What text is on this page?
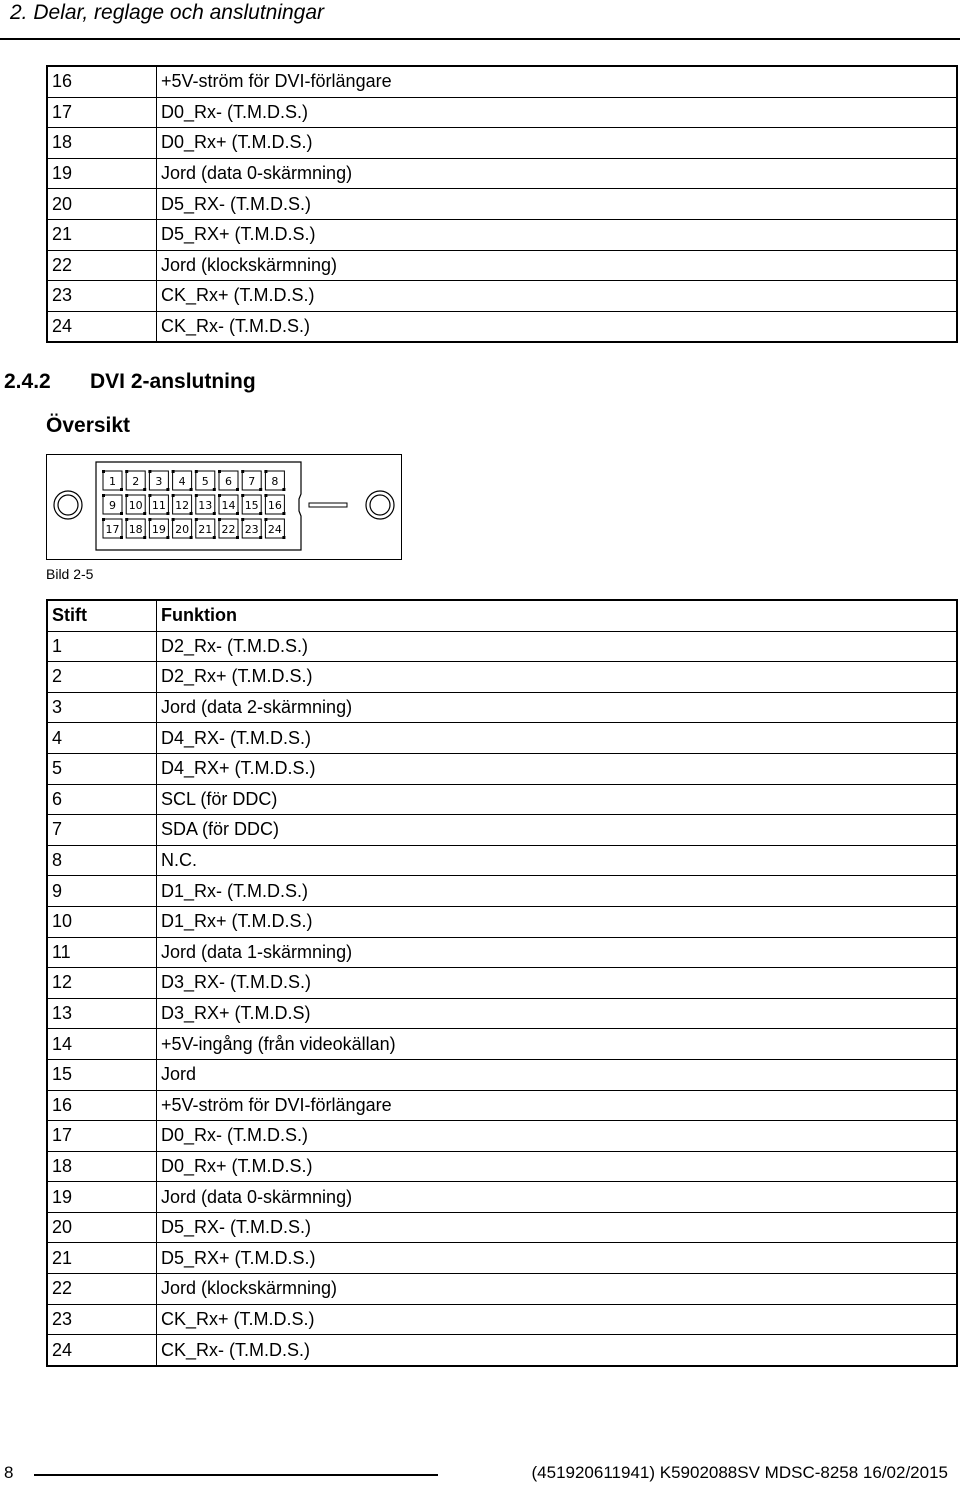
2. Delar, reglage och anslutningar
16	+5V-ström för DVI-förlängare
17	D0_Rx- (T.M.D.S.)
18	D0_Rx+ (T.M.D.S.)
19	Jord (data 0-skärmning)
20	D5_RX- (T.M.D.S.)
21	D5_RX+ (T.M.D.S.)
22	Jord (klockskärmning)
23	CK_Rx+ (T.M.D.S.)
24	CK_Rx- (T.M.D.S.)
2.4.2 DVI 2-anslutning
Översikt
1 2 3 4 5 6 7 8
9 10 11 12 13 14 15 16
17 18 19 20 21 22 23 24
Bild 2-5
Stift	Funktion
1	D2_Rx- (T.M.D.S.)
2	D2_Rx+ (T.M.D.S.)
3	Jord (data 2-skärmning)
4	D4_RX- (T.M.D.S.)
5	D4_RX+ (T.M.D.S.)
6	SCL (för DDC)
7	SDA (för DDC)
8	N.C.
9	D1_Rx- (T.M.D.S.)
10	D1_Rx+ (T.M.D.S.)
11	Jord (data 1-skärmning)
12	D3_RX- (T.M.D.S.)
13	D3_RX+ (T.M.D.S)
14	+5V-ingång (från videokällan)
15	Jord
16	+5V-ström för DVI-förlängare
17	D0_Rx- (T.M.D.S.)
18	D0_Rx+ (T.M.D.S.)
19	Jord (data 0-skärmning)
20	D5_RX- (T.M.D.S.)
21	D5_RX+ (T.M.D.S.)
22	Jord (klockskärmning)
23	CK_Rx+ (T.M.D.S.)
24	CK_Rx- (T.M.D.S.)
8	(451920611941) K5902088SV MDSC-8258 16/02/2015
